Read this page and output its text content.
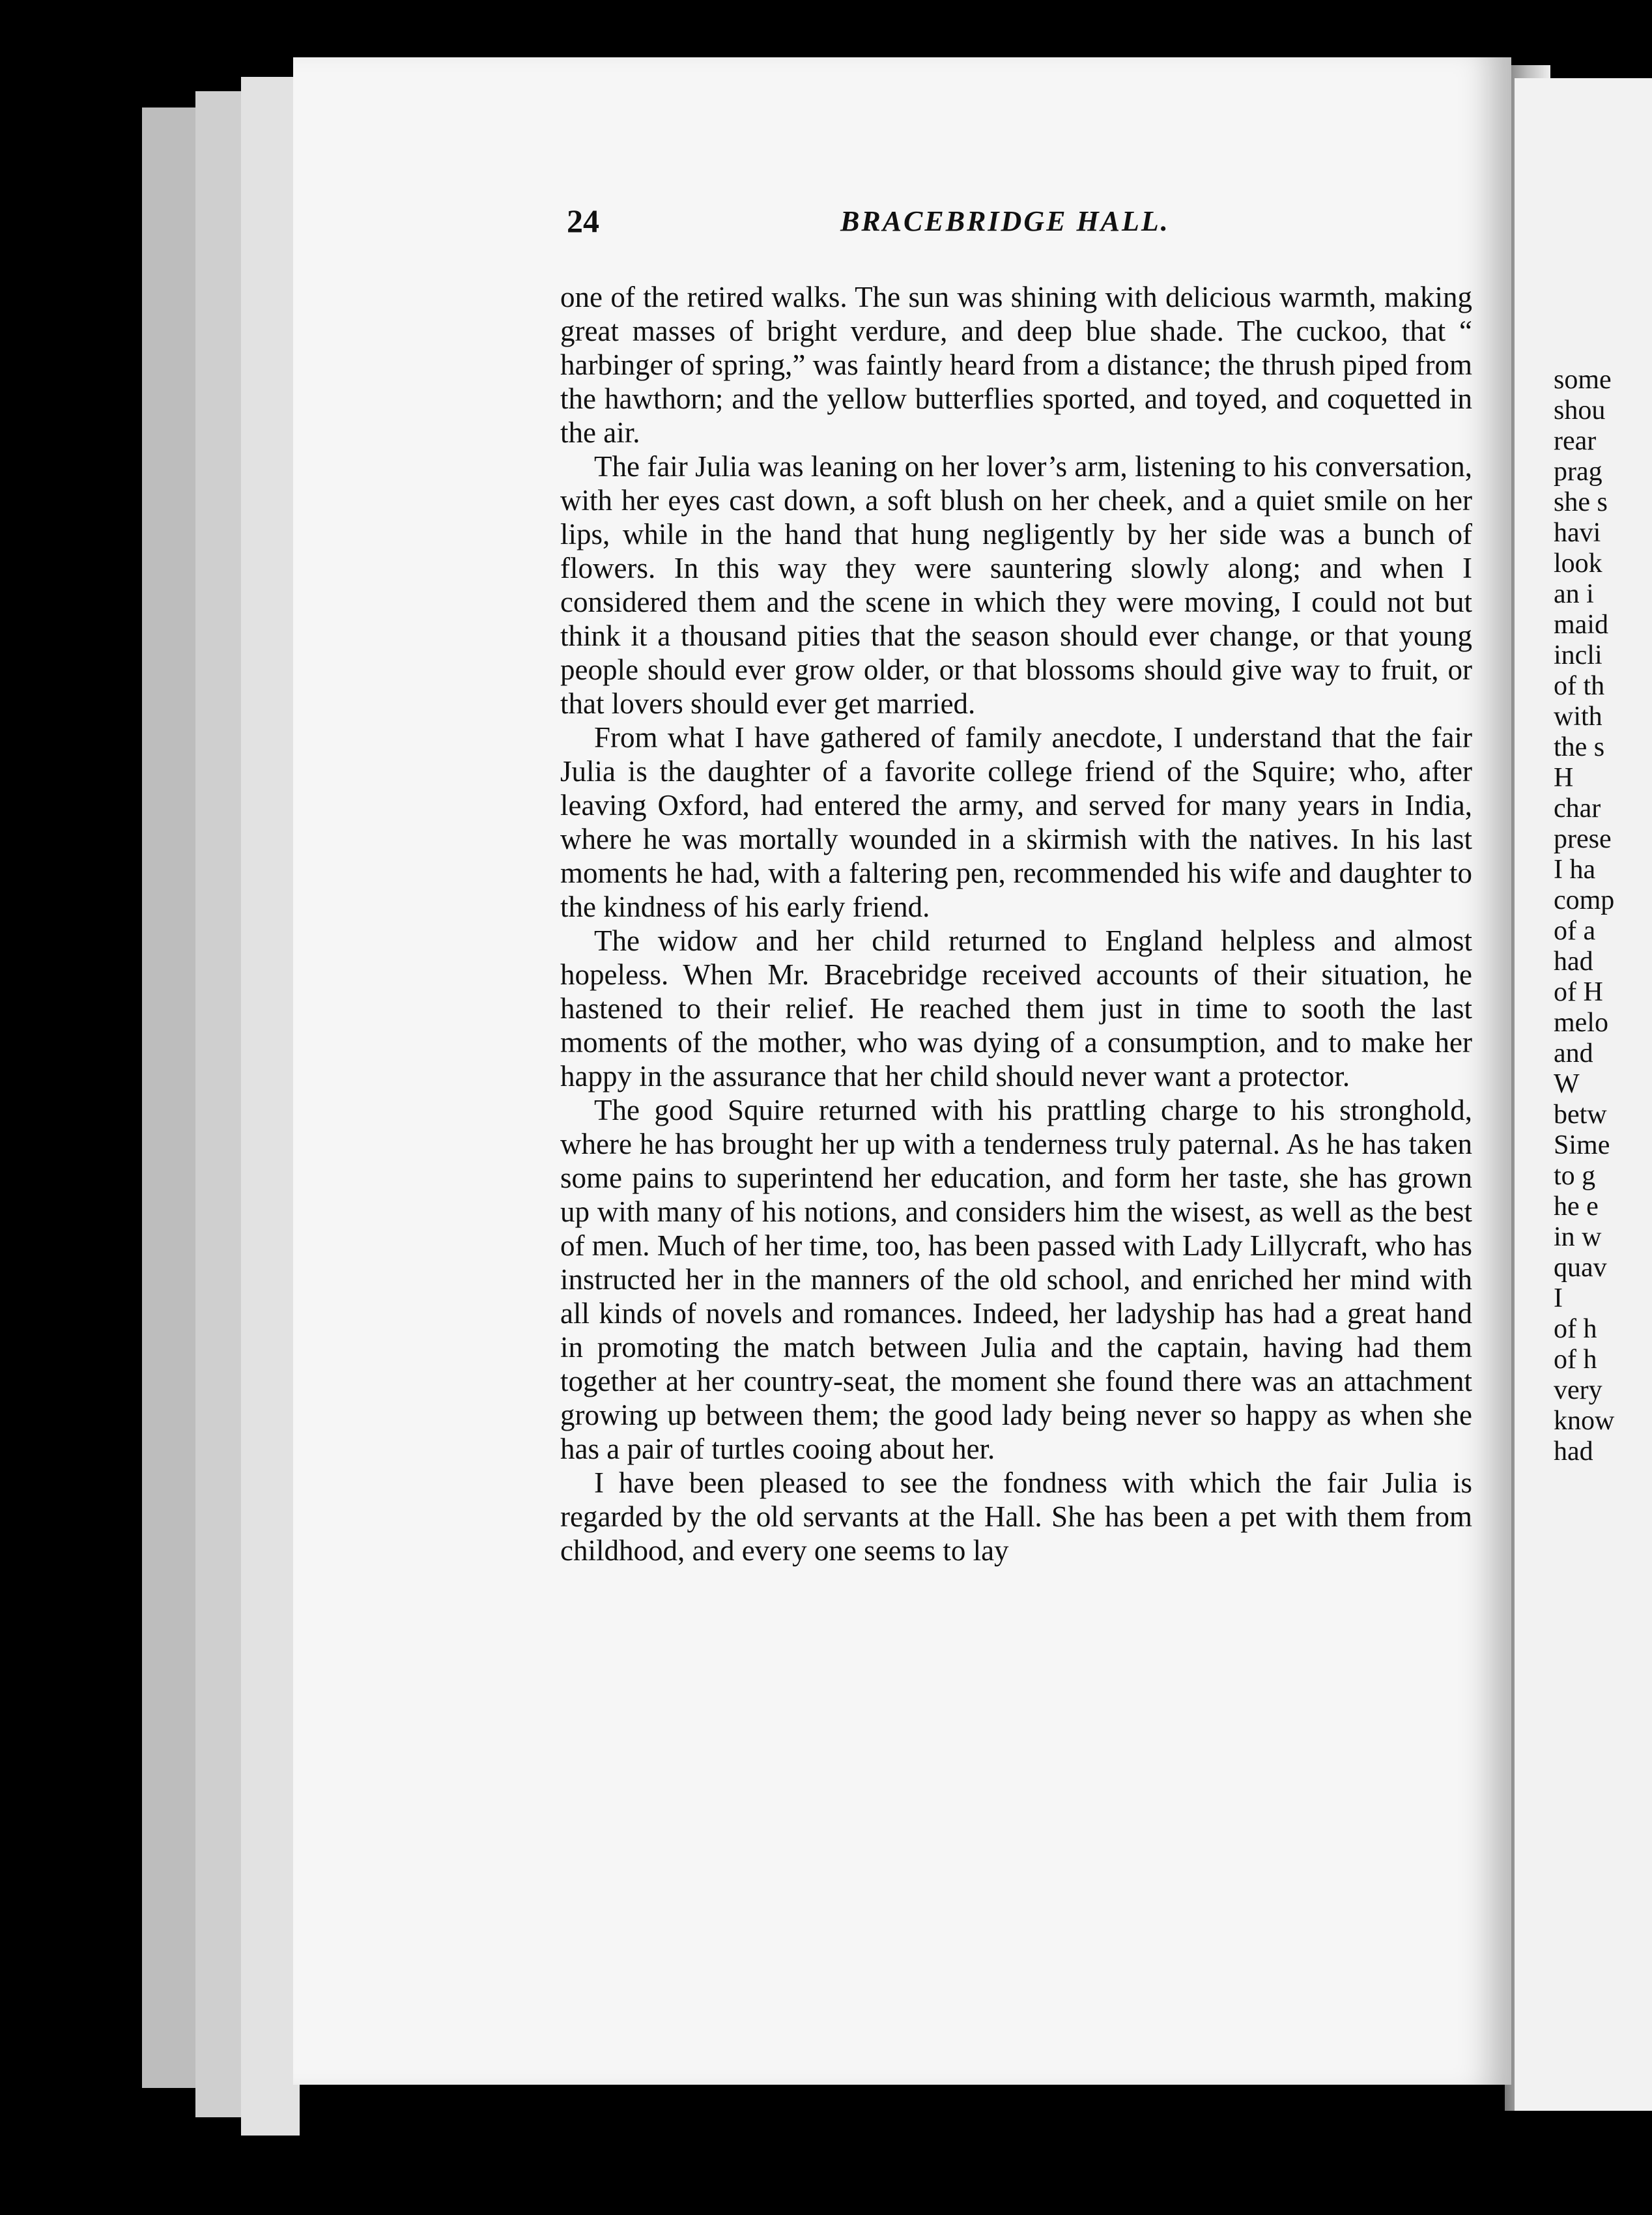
some
shou
rear
prag
she s
havi
look
an i
maid
incli
of th
with
the s
H
char
prese
I ha
comp
of a
had
of H
melo
and
W
betw
Sime
to g
he e
in w
quav
I
of h
of h
very
know
had
24	BRACEBRIDGE HALL.

one of the retired walks. The sun was shining with delicious warmth, making great masses of bright verdure, and deep blue shade. The cuckoo, that “ harbinger of spring,” was faintly heard from a distance; the thrush piped from the hawthorn; and the yellow butterflies sported, and toyed, and coquetted in the air.

The fair Julia was leaning on her lover’s arm, listening to his conversation, with her eyes cast down, a soft blush on her cheek, and a quiet smile on her lips, while in the hand that hung negligently by her side was a bunch of flowers. In this way they were sauntering slowly along; and when I considered them and the scene in which they were moving, I could not but think it a thousand pities that the season should ever change, or that young people should ever grow older, or that blossoms should give way to fruit, or that lovers should ever get married.

From what I have gathered of family anecdote, I understand that the fair Julia is the daughter of a favorite college friend of the Squire; who, after leaving Oxford, had entered the army, and served for many years in India, where he was mortally wounded in a skirmish with the natives. In his last moments he had, with a faltering pen, recommended his wife and daughter to the kindness of his early friend.

The widow and her child returned to England helpless and almost hopeless. When Mr. Bracebridge received accounts of their situation, he hastened to their relief. He reached them just in time to sooth the last moments of the mother, who was dying of a consumption, and to make her happy in the assurance that her child should never want a protector.

The good Squire returned with his prattling charge to his stronghold, where he has brought her up with a tenderness truly paternal. As he has taken some pains to superintend her education, and form her taste, she has grown up with many of his notions, and considers him the wisest, as well as the best of men. Much of her time, too, has been passed with Lady Lillycraft, who has instructed her in the manners of the old school, and enriched her mind with all kinds of novels and romances. Indeed, her ladyship has had a great hand in promoting the match between Julia and the captain, having had them together at her country-seat, the moment she found there was an attachment growing up between them; the good lady being never so happy as when she has a pair of turtles cooing about her.

I have been pleased to see the fondness with which the fair Julia is regarded by the old servants at the Hall. She has been a pet with them from childhood, and every one seems to lay
